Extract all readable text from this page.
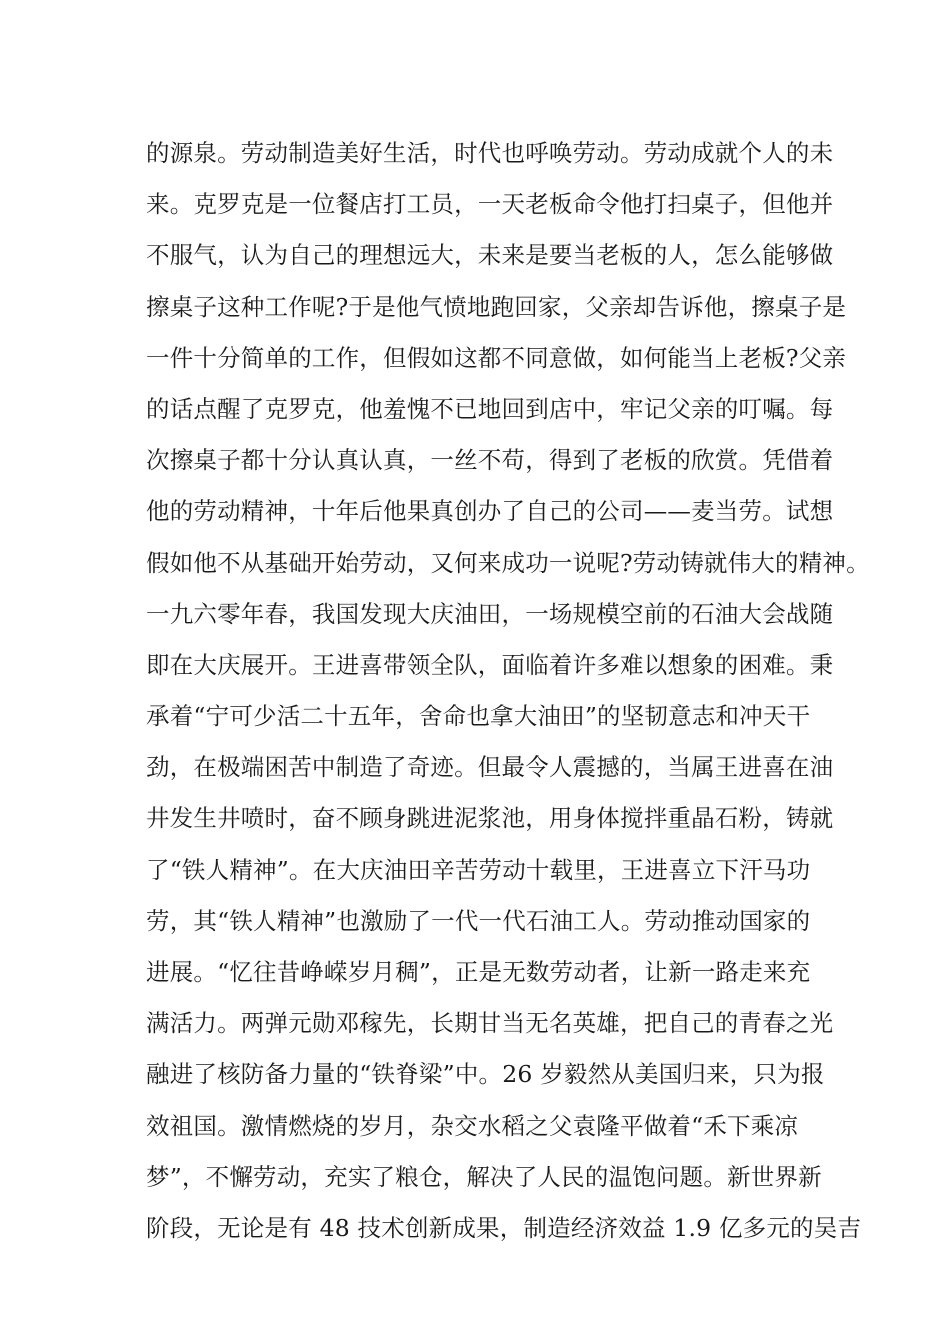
的源泉。劳动制造美好生活，时代也呼唤劳动。劳动成就个人的未
来。克罗克是一位餐店打工员，一天老板命令他打扫桌子，但他并
不服气，认为自己的理想远大，未来是要当老板的人，怎么能够做
擦桌子这种工作呢?于是他气愤地跑回家，父亲却告诉他，擦桌子是
一件十分简单的工作，但假如这都不同意做，如何能当上老板?父亲
的话点醒了克罗克，他羞愧不已地回到店中，牢记父亲的叮嘱。每
次擦桌子都十分认真认真，一丝不苟，得到了老板的欣赏。凭借着
他的劳动精神，十年后他果真创办了自己的公司——麦当劳。试想
假如他不从基础开始劳动，又何来成功一说呢?劳动铸就伟大的精神。
一九六零年春，我国发现大庆油田，一场规模空前的石油大会战随
即在大庆展开。王进喜带领全队，面临着许多难以想象的困难。秉
承着“宁可少活二十五年，舍命也拿大油田”的坚韧意志和冲天干
劲，在极端困苦中制造了奇迹。但最令人震撼的，当属王进喜在油
井发生井喷时，奋不顾身跳进泥浆池，用身体搅拌重晶石粉，铸就
了“铁人精神”。在大庆油田辛苦劳动十载里，王进喜立下汗马功
劳，其“铁人精神”也激励了一代一代石油工人。劳动推动国家的
进展。“忆往昔峥嵘岁月稠”，正是无数劳动者，让新一路走来充
满活力。两弹元勋邓稼先，长期甘当无名英雄，把自己的青春之光
融进了核防备力量的“铁脊梁”中。26 岁毅然从美国归来，只为报
效祖国。激情燃烧的岁月，杂交水稻之父袁隆平做着“禾下乘凉
梦”，不懈劳动，充实了粮仓，解决了人民的温饱问题。新世界新
阶段，无论是有 48 技术创新成果，制造经济效益 1.9 亿多元的吴吉
